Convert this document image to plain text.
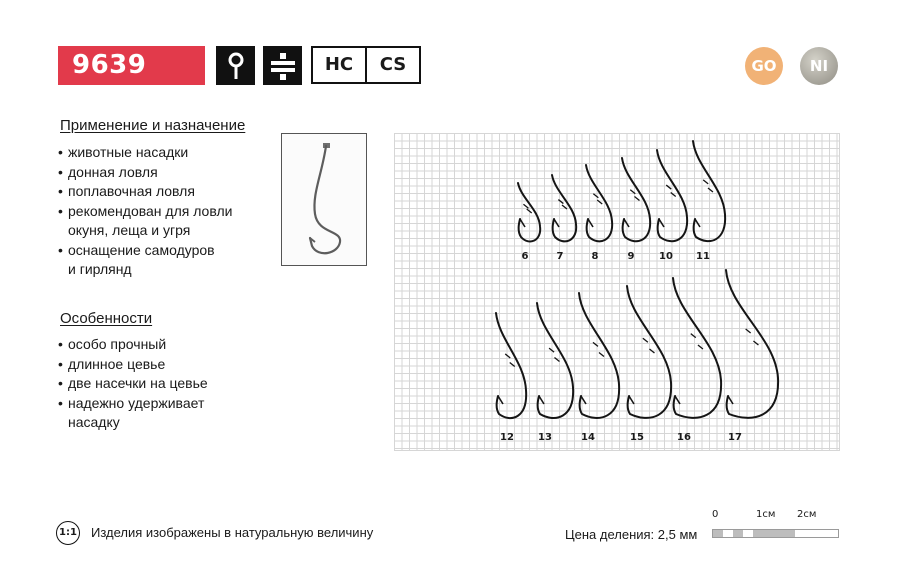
9639	HC	CS	GO	NI
Применение и назначение
• животные насадки
• донная ловля
• поплавочная ловля
• рекомендован для ловли
окуня, леща и угря
• оснащение самодуров
и гирлянд
Особенности
• особо прочный
• длинное цевье
• две насечки на цевье
• надежно удерживает
насадку
6	7	8	9 10 11
12 13	14	15	16	17
1:1 Изделия изображены в натуральную величину	Цена деления: 2,5 мм
0	1см 2см
